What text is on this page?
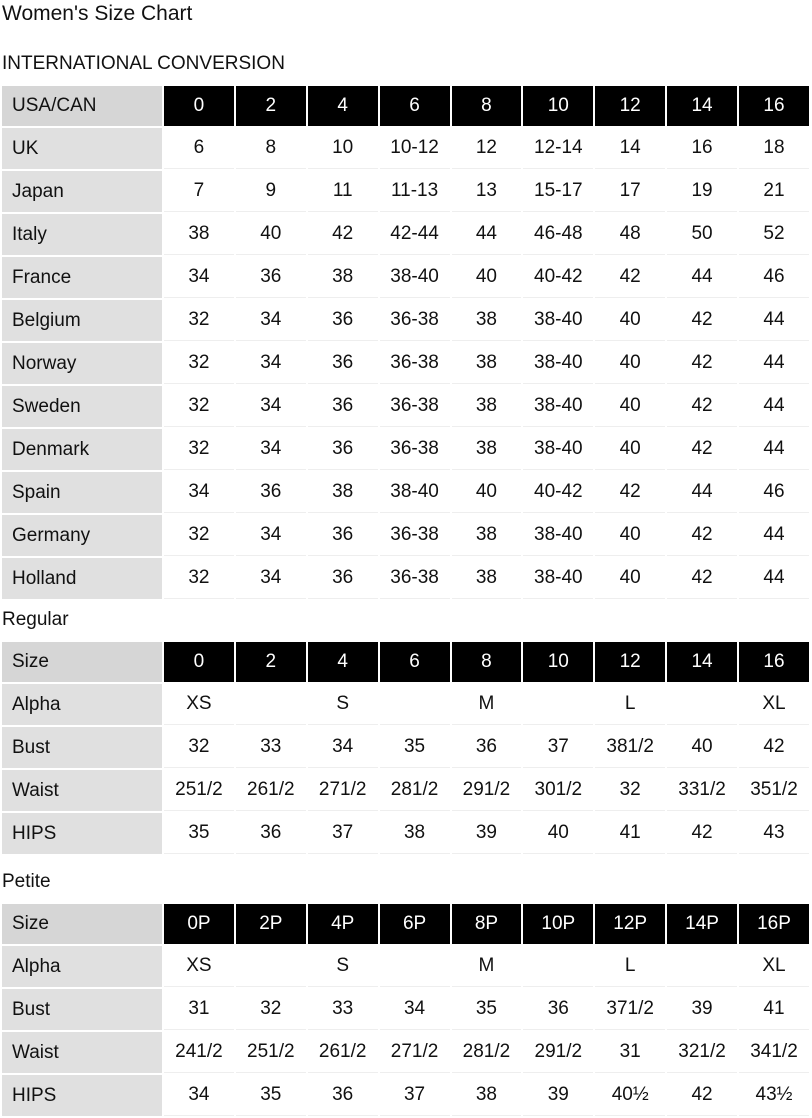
Women's Size Chart
INTERNATIONAL CONVERSION
USA/CAN	0	2	4	6	8	10	12	14	16
UK	6	8	10	10-12	12	12-14	14	16	18
Japan	7	9	11	11-13	13	15-17	17	19	21
Italy	38	40	42	42-44	44	46-48	48	50	52
France	34	36	38	38-40	40	40-42	42	44	46
Belgium	32	34	36	36-38	38	38-40	40	42	44
Norway	32	34	36	36-38	38	38-40	40	42	44
Sweden	32	34	36	36-38	38	38-40	40	42	44
Denmark	32	34	36	36-38	38	38-40	40	42	44
Spain	34	36	38	38-40	40	40-42	42	44	46
Germany	32	34	36	36-38	38	38-40	40	42	44
Holland	32	34	36	36-38	38	38-40	40	42	44
Regular
Size	0	2	4	6	8	10	12	14	16
Alpha	XS		S		M		L		XL
Bust	32	33	34	35	36	37	381/2	40	42
Waist	251/2	261/2	271/2	281/2	291/2	301/2	32	331/2	351/2
HIPS	35	36	37	38	39	40	41	42	43
Petite
Size	0P	2P	4P	6P	8P	10P	12P	14P	16P
Alpha	XS		S		M		L		XL
Bust	31	32	33	34	35	36	371/2	39	41
Waist	241/2	251/2	261/2	271/2	281/2	291/2	31	321/2	341/2
HIPS	34	35	36	37	38	39	40½	42	43½
